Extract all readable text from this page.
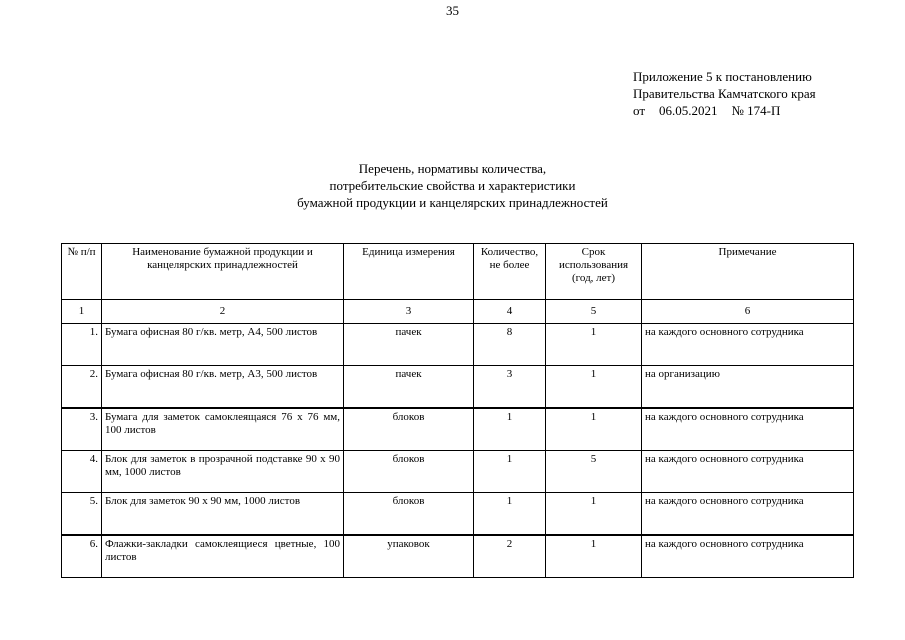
35
Приложение 5 к постановлению
Правительства Камчатского края
от 06.05.2021 № 174-П
Перечень, нормативы количества,
потребительские свойства и характеристики
бумажной продукции и канцелярских принадлежностей
№ п/п	Наименование бумажной продукции и канцелярских принадлежностей	Единица измерения	Количество, не более	Срок использования (год, лет)	Примечание
1	2	3	4	5	6
1.	Бумага офисная 80 г/кв. метр, А4, 500 листов	пачек	8	1	на каждого основного сотрудника
2.	Бумага офисная 80 г/кв. метр, А3, 500 листов	пачек	3	1	на организацию
3.	Бумага для заметок самоклеящаяся 76 х 76 мм, 100 листов	блоков	1	1	на каждого основного сотрудника
4.	Блок для заметок в прозрачной подставке 90 х 90 мм, 1000 листов	блоков	1	5	на каждого основного сотрудника
5.	Блок для заметок 90 х 90 мм, 1000 листов	блоков	1	1	на каждого основного сотрудника
6.	Флажки-закладки самоклеящиеся цветные, 100 листов	упаковок	2	1	на каждого основного сотрудника
